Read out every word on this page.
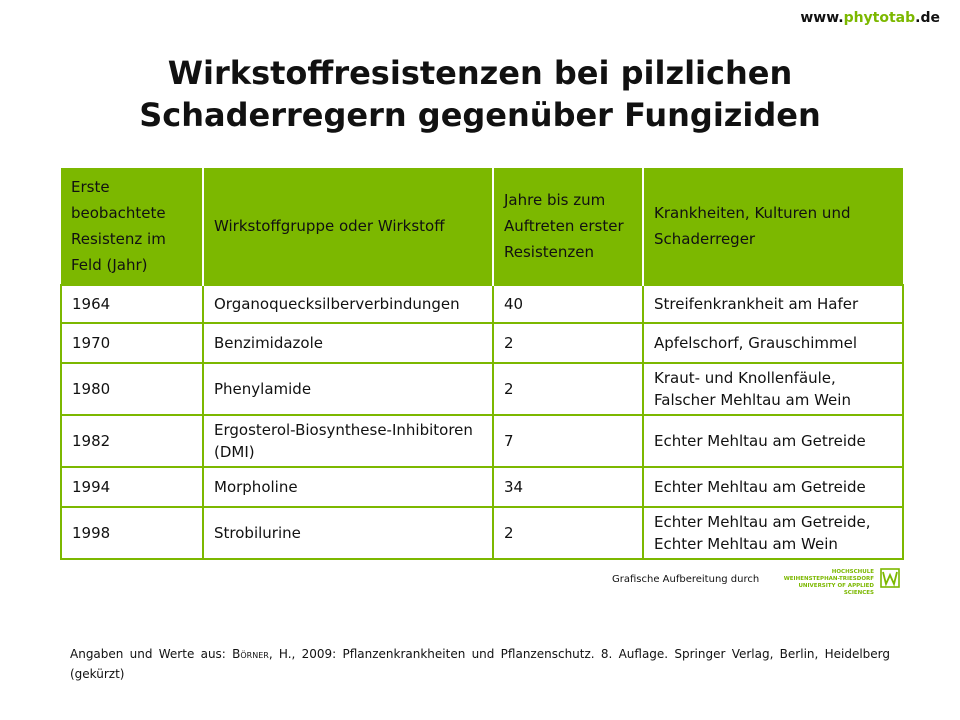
www.phytotab.de
Wirkstoffresistenzen bei pilzlichen
Schaderregern gegenüber Fungiziden
Erste beobachtete Resistenz im Feld (Jahr)	Wirkstoffgruppe oder Wirkstoff	Jahre bis zum Auftreten erster Resistenzen	Krankheiten, Kulturen und Schaderreger
1964	Organoquecksilberverbindungen	40	Streifenkrankheit am Hafer
1970	Benzimidazole	2	Apfelschorf, Grauschimmel
1980	Phenylamide	2	Kraut- und Knollenfäule, Falscher Mehltau am Wein
1982	Ergosterol-Biosynthese-Inhibitoren (DMI)	7	Echter Mehltau am Getreide
1994	Morpholine	34	Echter Mehltau am Getreide
1998	Strobilurine	2	Echter Mehltau am Getreide, Echter Mehltau am Wein
Grafische Aufbereitung durch
HOCHSCHULE
WEIHENSTEPHAN-TRIESDORF
UNIVERSITY OF APPLIED SCIENCES
Angaben und Werte aus: Börner, H., 2009: Pflanzenkrankheiten und Pflanzenschutz. 8. Auflage. Springer Verlag, Berlin, Heidelberg (gekürzt)
